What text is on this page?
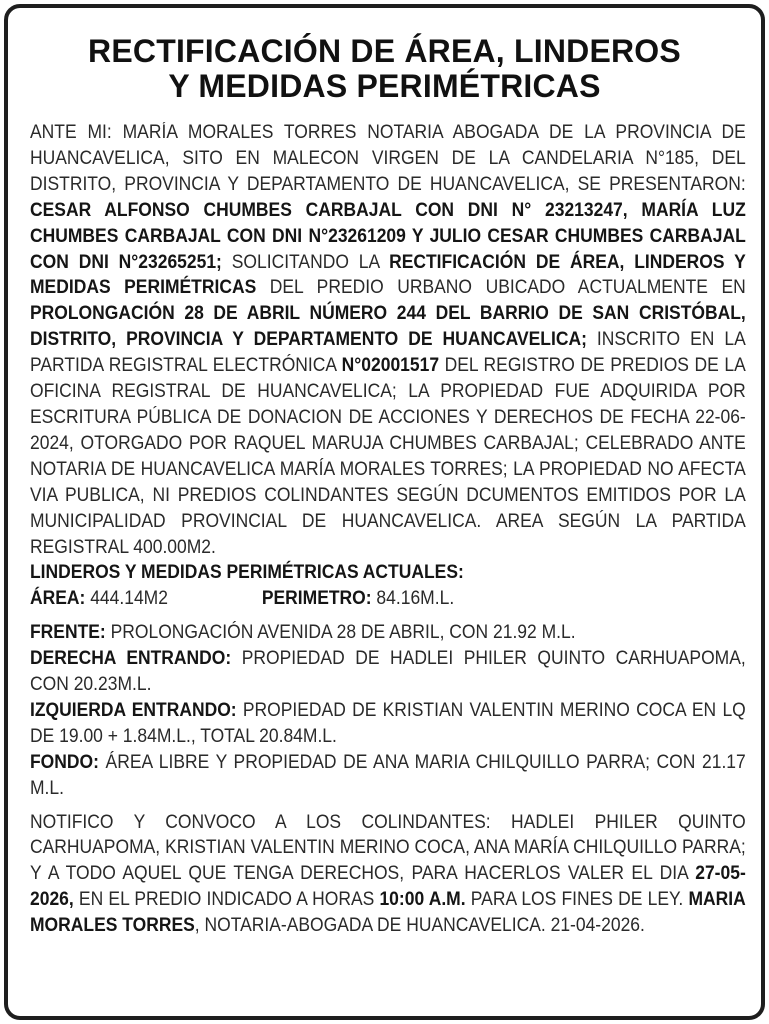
RECTIFICACIÓN DE ÁREA, LINDEROS
Y MEDIDAS PERIMÉTRICAS

ANTE MI: MARÍA MORALES TORRES NOTARIA ABOGADA DE LA PROVINCIA DE HUANCAVELICA, SITO EN MALECON VIRGEN DE LA CANDELARIA N°185, DEL DISTRITO, PROVINCIA Y DEPARTAMENTO DE HUANCAVELICA, SE PRESENTARON: CESAR ALFONSO CHUMBES CARBAJAL CON DNI N° 23213247, MARÍA LUZ CHUMBES CARBAJAL CON DNI N°23261209 Y JULIO CESAR CHUMBES CARBAJAL CON DNI N°23265251; SOLICITANDO LA RECTIFICACIÓN DE ÁREA, LINDEROS Y MEDIDAS PERIMÉTRICAS DEL PREDIO URBANO UBICADO ACTUALMENTE EN PROLONGACIÓN 28 DE ABRIL NÚMERO 244 DEL BARRIO DE SAN CRISTÓBAL, DISTRITO, PROVINCIA Y DEPARTAMENTO DE HUANCAVELICA; INSCRITO EN LA PARTIDA REGISTRAL ELECTRÓNICA N°02001517 DEL REGISTRO DE PREDIOS DE LA OFICINA REGISTRAL DE HUANCAVELICA; LA PROPIEDAD FUE ADQUIRIDA POR ESCRITURA PÚBLICA DE DONACION DE ACCIONES Y DERECHOS DE FECHA 22-06-2024, OTORGADO POR RAQUEL MARUJA CHUMBES CARBAJAL; CELEBRADO ANTE NOTARIA DE HUANCAVELICA MARÍA MORALES TORRES; LA PROPIEDAD NO AFECTA VIA PUBLICA, NI PREDIOS COLINDANTES SEGÚN DCUMENTOS EMITIDOS POR LA MUNICIPALIDAD PROVINCIAL DE HUANCAVELICA. AREA SEGÚN LA PARTIDA REGISTRAL 400.00M2.

LINDEROS Y MEDIDAS PERIMÉTRICAS ACTUALES:

ÁREA: 444.14M2	PERIMETRO: 84.16M.L.

FRENTE: PROLONGACIÓN AVENIDA 28 DE ABRIL, CON 21.92 M.L.

DERECHA ENTRANDO: PROPIEDAD DE HADLEI PHILER QUINTO CARHUAPOMA, CON 20.23M.L.

IZQUIERDA ENTRANDO: PROPIEDAD DE KRISTIAN VALENTIN MERINO COCA EN LQ DE 19.00 + 1.84M.L., TOTAL 20.84M.L.

FONDO: ÁREA LIBRE Y PROPIEDAD DE ANA MARIA CHILQUILLO PARRA; CON 21.17 M.L.

NOTIFICO Y CONVOCO A LOS COLINDANTES: HADLEI PHILER QUINTO CARHUAPOMA, KRISTIAN VALENTIN MERINO COCA, ANA MARÍA CHILQUILLO PARRA; Y A TODO AQUEL QUE TENGA DERECHOS, PARA HACERLOS VALER EL DIA 27-05-2026, EN EL PREDIO INDICADO A HORAS 10:00 A.M. PARA LOS FINES DE LEY. MARIA MORALES TORRES, NOTARIA-ABOGADA DE HUANCAVELICA. 21-04-2026.
